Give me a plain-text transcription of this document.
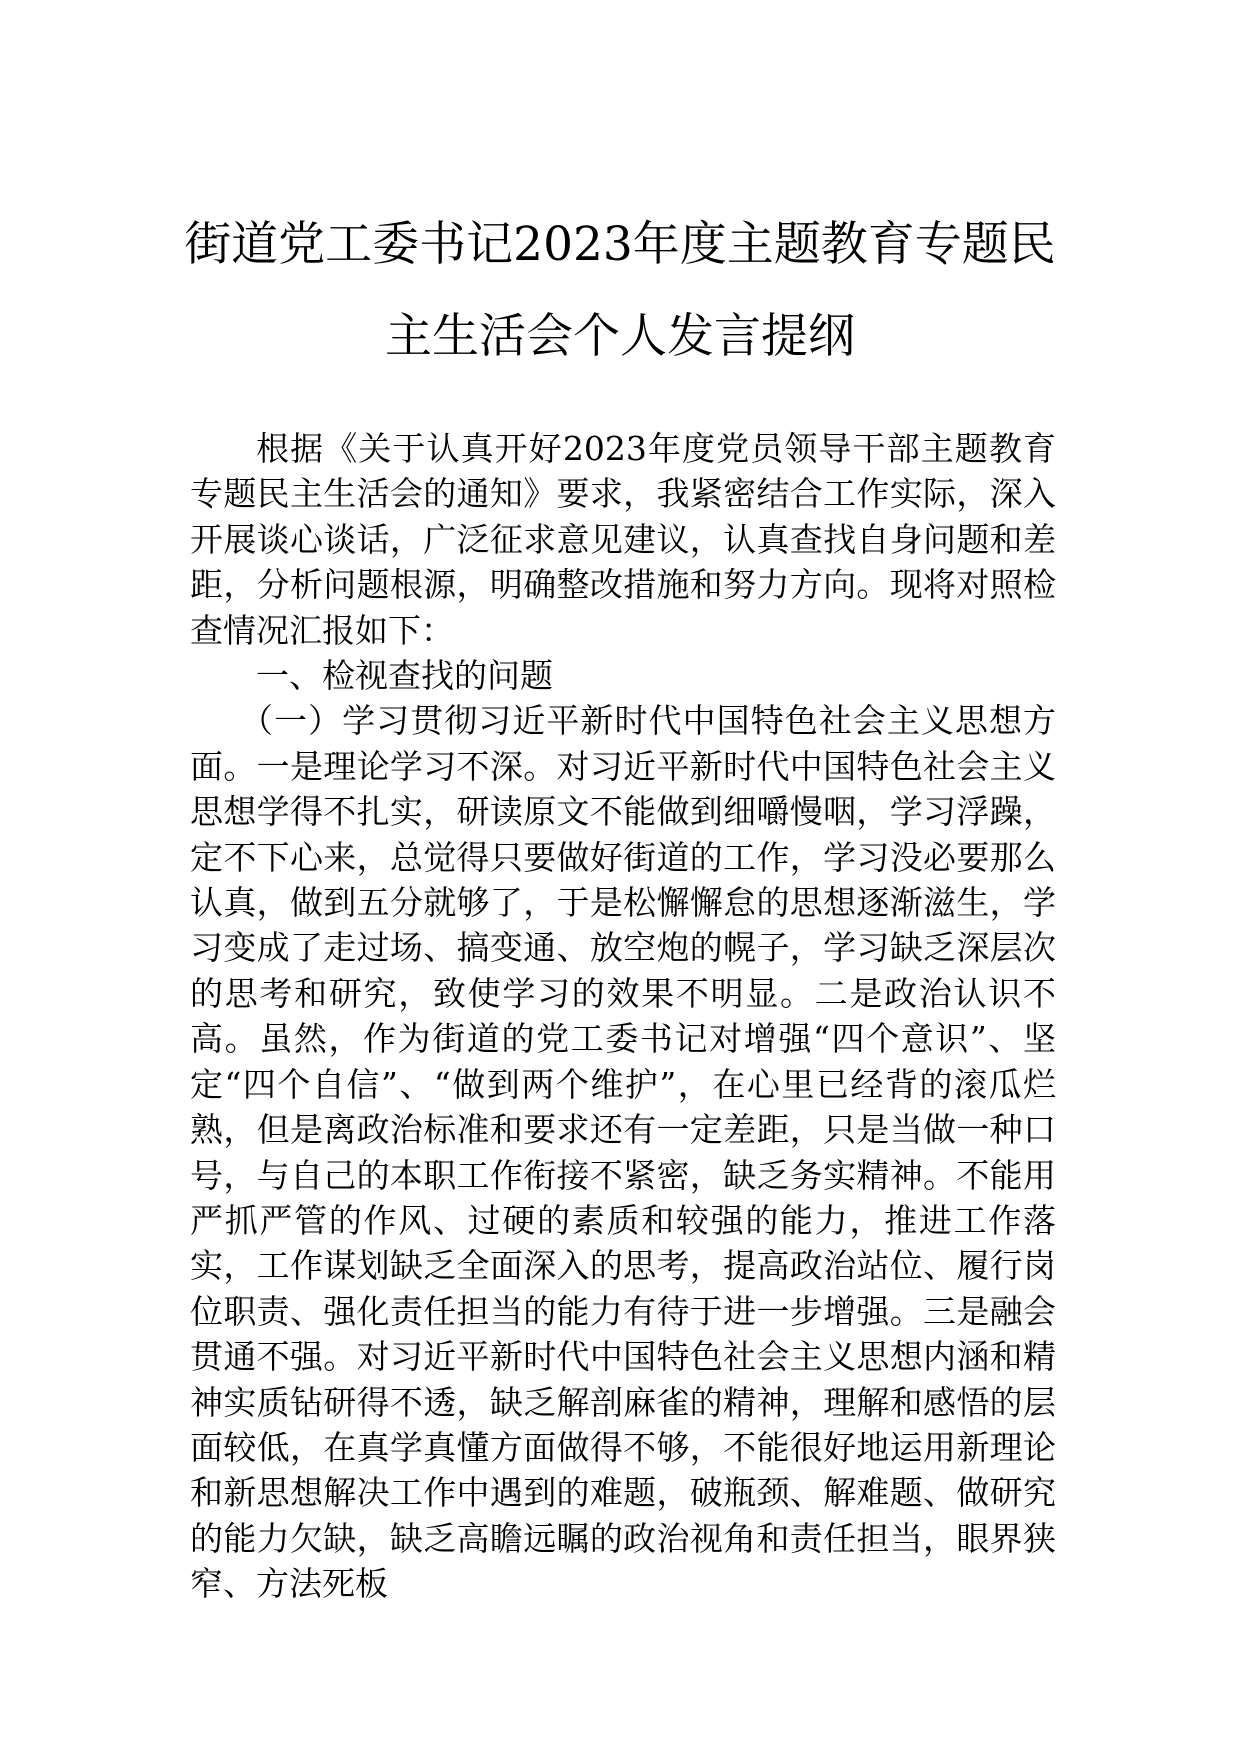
街道党工委书记2023年度主题教育专题民
主生活会个人发言提纲

根据《关于认真开好2023年度党员领导干部主题教育专题民主生活会的通知》要求，我紧密结合工作实际，深入开展谈心谈话，广泛征求意见建议，认真查找自身问题和差距，分析问题根源，明确整改措施和努力方向。现将对照检查情况汇报如下：

一、检视查找的问题

（一）学习贯彻习近平新时代中国特色社会主义思想方面。一是理论学习不深。对习近平新时代中国特色社会主义思想学得不扎实，研读原文不能做到细嚼慢咽，学习浮躁，定不下心来，总觉得只要做好街道的工作，学习没必要那么认真，做到五分就够了，于是松懈懈怠的思想逐渐滋生，学习变成了走过场、搞变通、放空炮的幌子，学习缺乏深层次的思考和研究，致使学习的效果不明显。二是政治认识不高。虽然，作为街道的党工委书记对增强“四个意识”、坚定“四个自信”、“做到两个维护”，在心里已经背的滚瓜烂熟，但是离政治标准和要求还有一定差距，只是当做一种口号，与自己的本职工作衔接不紧密，缺乏务实精神。不能用严抓严管的作风、过硬的素质和较强的能力，推进工作落实，工作谋划缺乏全面深入的思考，提高政治站位、履行岗位职责、强化责任担当的能力有待于进一步增强。三是融会贯通不强。对习近平新时代中国特色社会主义思想内涵和精神实质钻研得不透，缺乏解剖麻雀的精神，理解和感悟的层面较低，在真学真懂方面做得不够，不能很好地运用新理论和新思想解决工作中遇到的难题，破瓶颈、解难题、做研究的能力欠缺，缺乏高瞻远瞩的政治视角和责任担当，眼界狭窄、方法死板
